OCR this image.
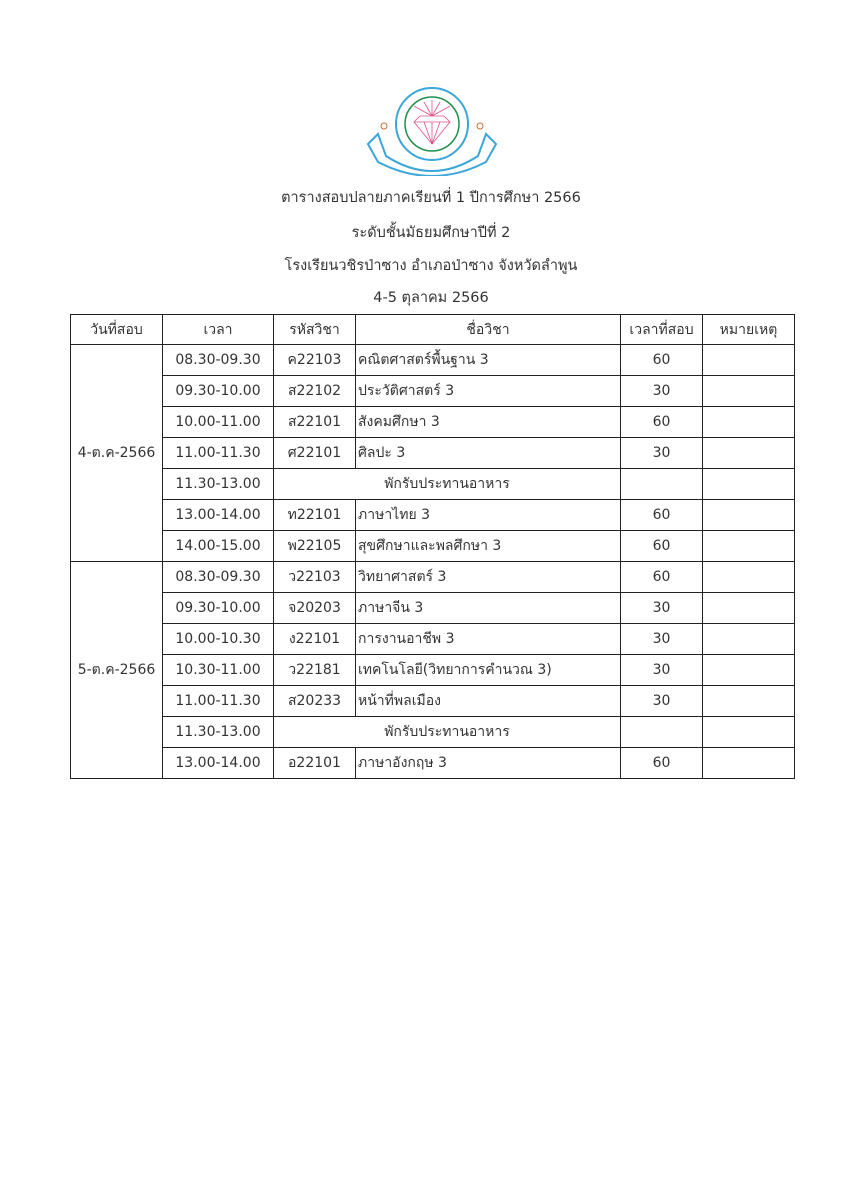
ตารางสอบปลายภาคเรียนที่ 1 ปีการศึกษา 2566
ระดับชั้นมัธยมศึกษาปีที่ 2
โรงเรียนวชิรป่าซาง อำเภอป่าซาง จังหวัดลำพูน
4-5 ตุลาคม 2566
วันที่สอบ	เวลา	รหัสวิชา	ชื่อวิชา	เวลาที่สอบ	หมายเหตุ
4-ต.ค-2566	08.30-09.30	ค22103	คณิตศาสตร์พื้นฐาน 3	60	
	09.30-10.00	ส22102	ประวัติศาสตร์ 3	30	
	10.00-11.00	ส22101	สังคมศึกษา 3	60	
	11.00-11.30	ศ22101	ศิลปะ 3	30	
	11.30-13.00	พักรับประทานอาหาร			
	13.00-14.00	ท22101	ภาษาไทย 3	60	
	14.00-15.00	พ22105	สุขศึกษาและพลศึกษา 3	60	
5-ต.ค-2566	08.30-09.30	ว22103	วิทยาศาสตร์ 3	60	
	09.30-10.00	จ20203	ภาษาจีน 3	30	
	10.00-10.30	ง22101	การงานอาชีพ 3	30	
	10.30-11.00	ว22181	เทคโนโลยี(วิทยาการคำนวณ 3)	30	
	11.00-11.30	ส20233	หน้าที่พลเมือง	30	
	11.30-13.00	พักรับประทานอาหาร			
	13.00-14.00	อ22101	ภาษาอังกฤษ 3	60	
